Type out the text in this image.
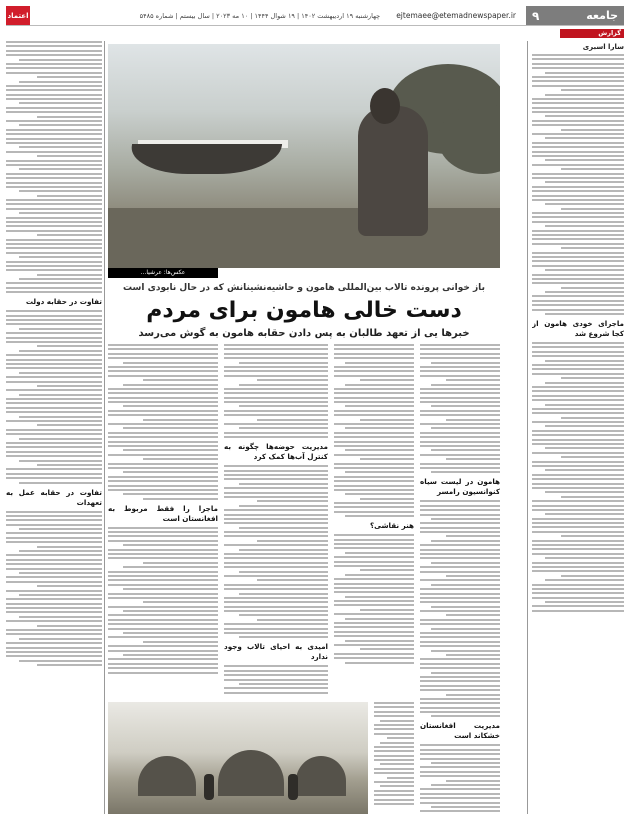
جامعه
۹
ejtemaee@etemadnewspaper.ir
چهارشنبه ۱۹ اردیبهشت ۱۴۰۲ | ۱۹ شوال ۱۴۴۴ | ۱۰ مه ۲۰۲۳ | سال بیستم | شماره ۵۴۸۵
اعتماد
گزارش
سارا اسبری
ماجرای خودی هامون از کجا شروع شد
تفاوت در حقابه دولت
تفاوت در حقابه عمل به تعهدات
عکس‌ها: عرشیا...
باز خوانی پرونده تالاب بین‌المللی هامون و حاشیه‌نشینانش که در حال نابودی است
دست خالی هامون برای مردم
خبرها یی از تعهد طالبان به پس دادن حقابه هامون به گوش می‌رسد
هامون در لیست سیاه کنوانسیون رامسر
مدیریت افغانستان خشکاند است
هنر نقاشی؟
مدیریت حوضه‌ها چگونه به کنترل آب‌ها کمک کرد
امیدی به احیای تالاب وجود ندارد
ماجرا را فقط مربوط به افغانستان است
